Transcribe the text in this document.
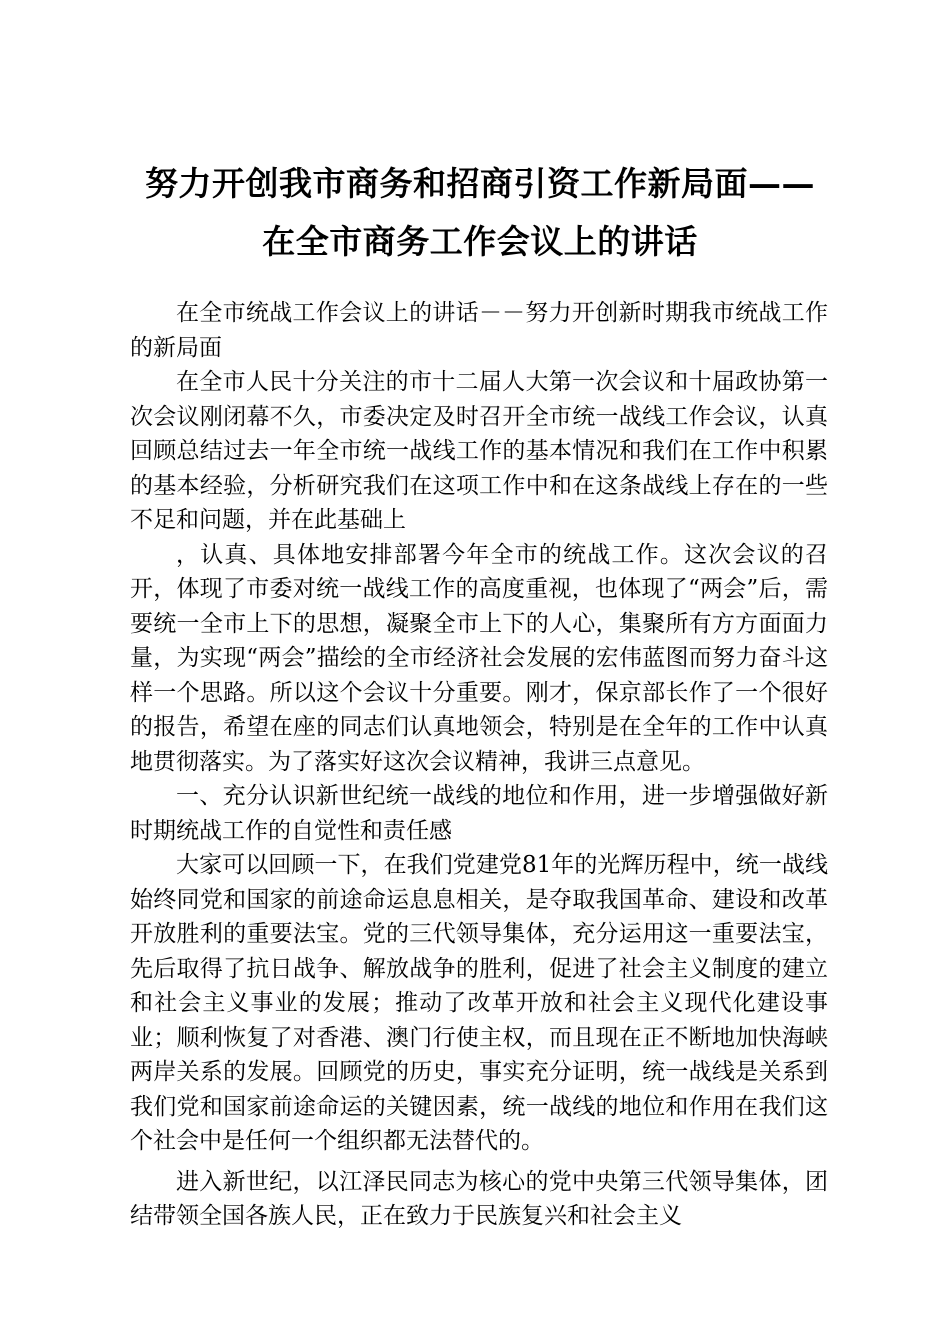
努力开创我市商务和招商引资工作新局面——
在全市商务工作会议上的讲话

在全市统战工作会议上的讲话－－努力开创新时期我市统战工作的新局面

在全市人民十分关注的市十二届人大第一次会议和十届政协第一次会议刚闭幕不久，市委决定及时召开全市统一战线工作会议，认真回顾总结过去一年全市统一战线工作的基本情况和我们在工作中积累的基本经验，分析研究我们在这项工作中和在这条战线上存在的一些不足和问题，并在此基础上

，认真、具体地安排部署今年全市的统战工作。这次会议的召开，体现了市委对统一战线工作的高度重视，也体现了“两会”后，需要统一全市上下的思想，凝聚全市上下的人心，集聚所有方方面面力量，为实现“两会”描绘的全市经济社会发展的宏伟蓝图而努力奋斗这样一个思路。所以这个会议十分重要。刚才，保京部长作了一个很好的报告，希望在座的同志们认真地领会，特别是在全年的工作中认真地贯彻落实。为了落实好这次会议精神，我讲三点意见。

一、充分认识新世纪统一战线的地位和作用，进一步增强做好新时期统战工作的自觉性和责任感

大家可以回顾一下，在我们党建党81年的光辉历程中，统一战线始终同党和国家的前途命运息息相关，是夺取我国革命、建设和改革开放胜利的重要法宝。党的三代领导集体，充分运用这一重要法宝，先后取得了抗日战争、解放战争的胜利，促进了社会主义制度的建立和社会主义事业的发展；推动了改革开放和社会主义现代化建设事业；顺利恢复了对香港、澳门行使主权，而且现在正不断地加快海峡两岸关系的发展。回顾党的历史，事实充分证明，统一战线是关系到我们党和国家前途命运的关键因素，统一战线的地位和作用在我们这个社会中是任何一个组织都无法替代的。

进入新世纪，以江泽民同志为核心的党中央第三代领导集体，团结带领全国各族人民，正在致力于民族复兴和社会主义
